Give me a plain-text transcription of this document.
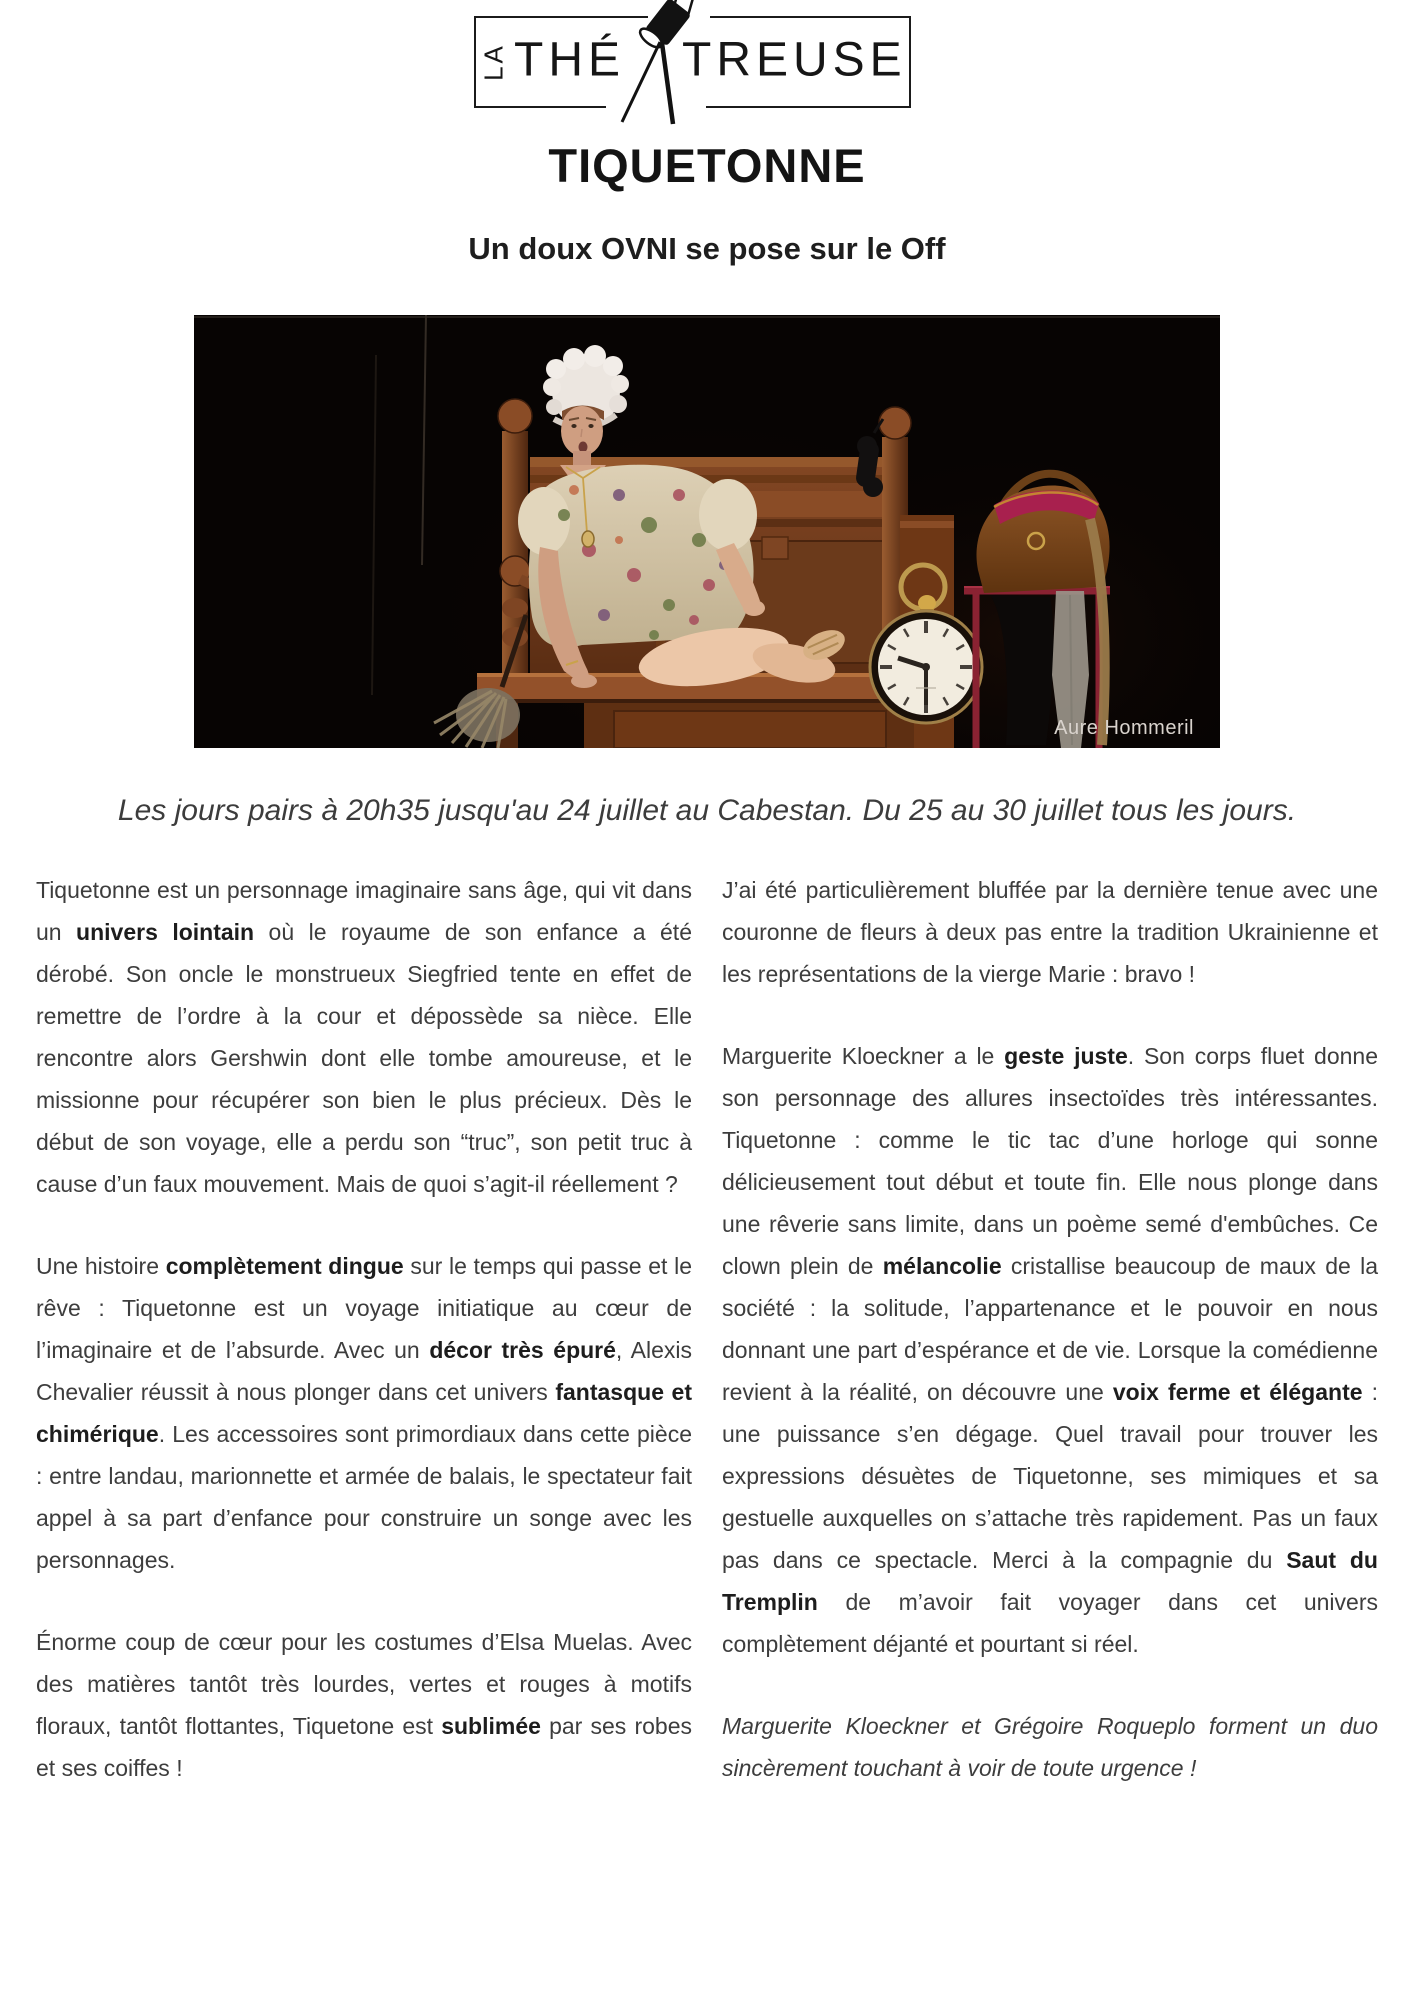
LA THÉ TREUSE
TIQUETONNE
Un doux OVNI se pose sur le Off
Aure Hommeril

Les jours pairs à 20h35 jusqu'au 24 juillet au Cabestan. Du 25 au 30 juillet tous les jours.

Tiquetonne est un personnage imaginaire sans âge, qui vit dans un univers lointain où le royaume de son enfance a été dérobé. Son oncle le monstrueux Siegfried tente en effet de remettre de l’ordre à la cour et dépossède sa nièce. Elle rencontre alors Gershwin dont elle tombe amoureuse, et le missionne pour récupérer son bien le plus précieux. Dès le début de son voyage, elle a perdu son “truc”, son petit truc à cause d’un faux mouvement. Mais de quoi s’agit-il réellement ?

Une histoire complètement dingue sur le temps qui passe et le rêve : Tiquetonne est un voyage initiatique au cœur de l’imaginaire et de l’absurde. Avec un décor très épuré, Alexis Chevalier réussit à nous plonger dans cet univers fantasque et chimérique. Les accessoires sont primordiaux dans cette pièce : entre landau, marionnette et armée de balais, le spectateur fait appel à sa part d’enfance pour construire un songe avec les personnages.

Énorme coup de cœur pour les costumes d’Elsa Muelas. Avec des matières tantôt très lourdes, vertes et rouges à motifs floraux, tantôt flottantes, Tiquetone est sublimée par ses robes et ses coiffes !

J’ai été particulièrement bluffée par la dernière tenue avec une couronne de fleurs à deux pas entre la tradition Ukrainienne et les représentations de la vierge Marie : bravo !

Marguerite Kloeckner a le geste juste. Son corps fluet donne son personnage des allures insectoïdes très intéressantes. Tiquetonne : comme le tic tac d’une horloge qui sonne délicieusement tout début et toute fin. Elle nous plonge dans une rêverie sans limite, dans un poème semé d'embûches. Ce clown plein de mélancolie cristallise beaucoup de maux de la société : la solitude, l’appartenance et le pouvoir en nous donnant une part d’espérance et de vie. Lorsque la comédienne revient à la réalité, on découvre une voix ferme et élégante : une puissance s’en dégage. Quel travail pour trouver les expressions désuètes de Tiquetonne, ses mimiques et sa gestuelle auxquelles on s’attache très rapidement. Pas un faux pas dans ce spectacle. Merci à la compagnie du Saut du Tremplin de m’avoir fait voyager dans cet univers complètement déjanté et pourtant si réel.

Marguerite Kloeckner et Grégoire Roqueplo forment un duo sincèrement touchant à voir de toute urgence !
